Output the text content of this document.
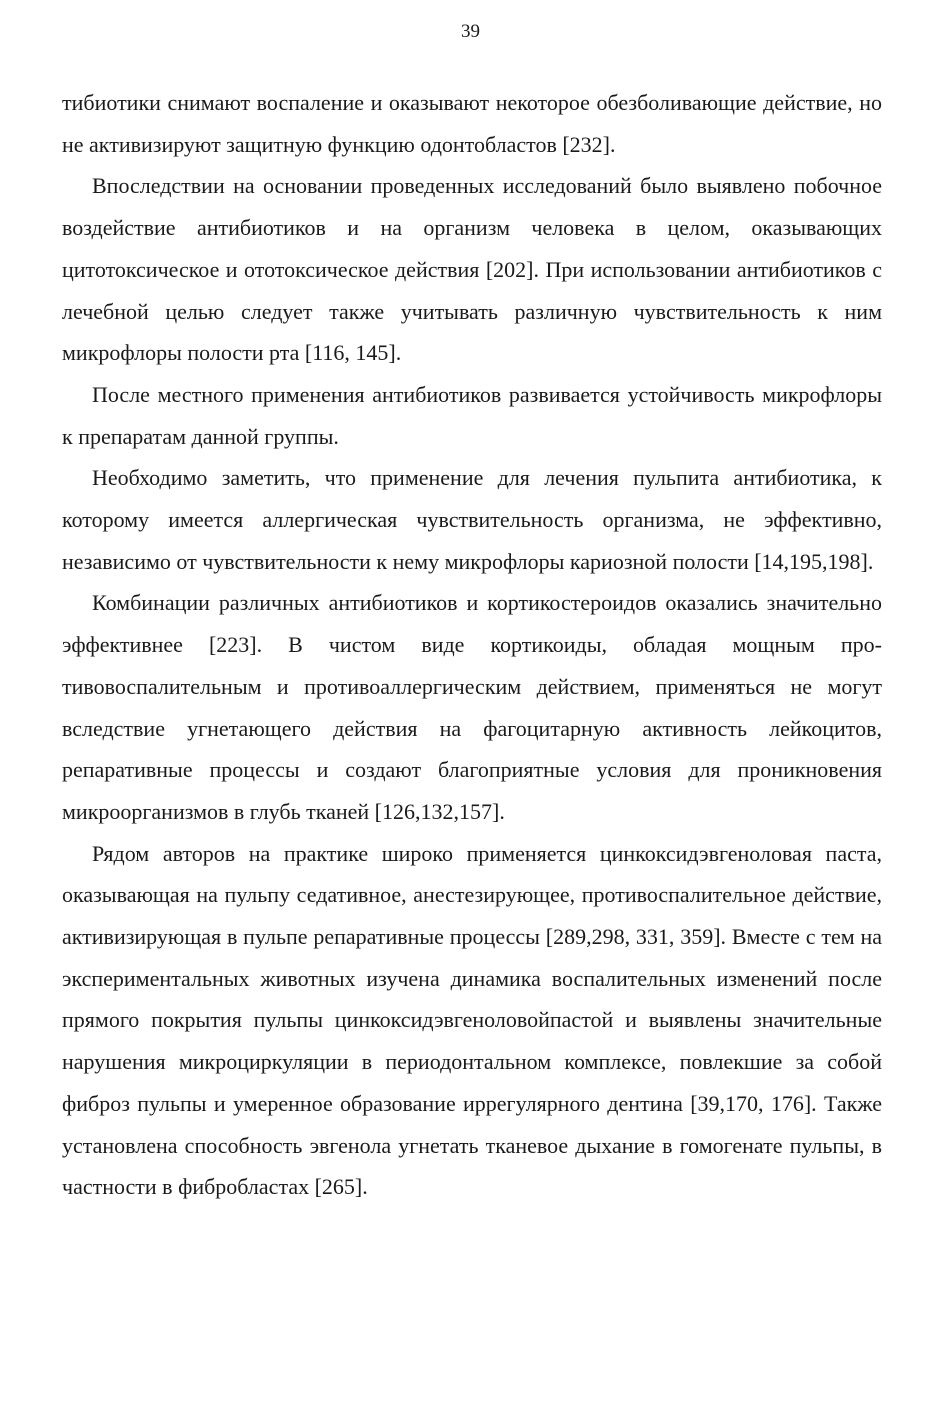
39

тибиотики снимают воспаление и оказывают некоторое обезболивающие действие, но не активизируют защитную функцию одонтобластов [232].

Впоследствии на основании проведенных исследований было выявлено побочное воздействие антибиотиков и на организм человека в целом, оказывающих цитотоксическое и ототоксическое действия [202]. При использовании антибиотиков с лечебной целью следует также учитывать различную чувствительность к ним микрофлоры полости рта [116, 145].

После местного применения антибиотиков развивается устойчивость микрофлоры к препаратам данной группы.

Необходимо заметить, что применение для лечения пульпита антибиотика, к которому имеется аллергическая чувствительность организма, не эффективно, независимо от чувствительности к нему микрофлоры кариозной полости [14,195,198].

Комбинации различных антибиотиков и кортикостероидов оказались значительно эффективнее [223]. В чистом виде кортикоиды, обладая мощным противовоспалительным и противоаллергическим действием, применяться не могут вследствие угнетающего действия на фагоцитарную активность лейкоцитов, репаративные процессы и создают благоприятные условия для проникновения микроорганизмов в глубь тканей [126,132,157].

Рядом авторов на практике широко применяется цинкоксидэвгеноловая паста, оказывающая на пульпу седативное, анестезирующее, противоспалительное действие, активизирующая в пульпе репаративные процессы [289,298, 331, 359]. Вместе с тем на экспериментальных животных изучена динамика воспалительных изменений после прямого покрытия пульпы цинкоксидэвгеноловойпастой и выявлены значительные нарушения микроциркуляции в периодонтальном комплексе, повлекшие за собой фиброз пульпы и умеренное образование иррегулярного дентина [39,170, 176]. Также установлена способность эвгенола угнетать тканевое дыхание в гомогенате пульпы, в частности в фибробластах [265].
